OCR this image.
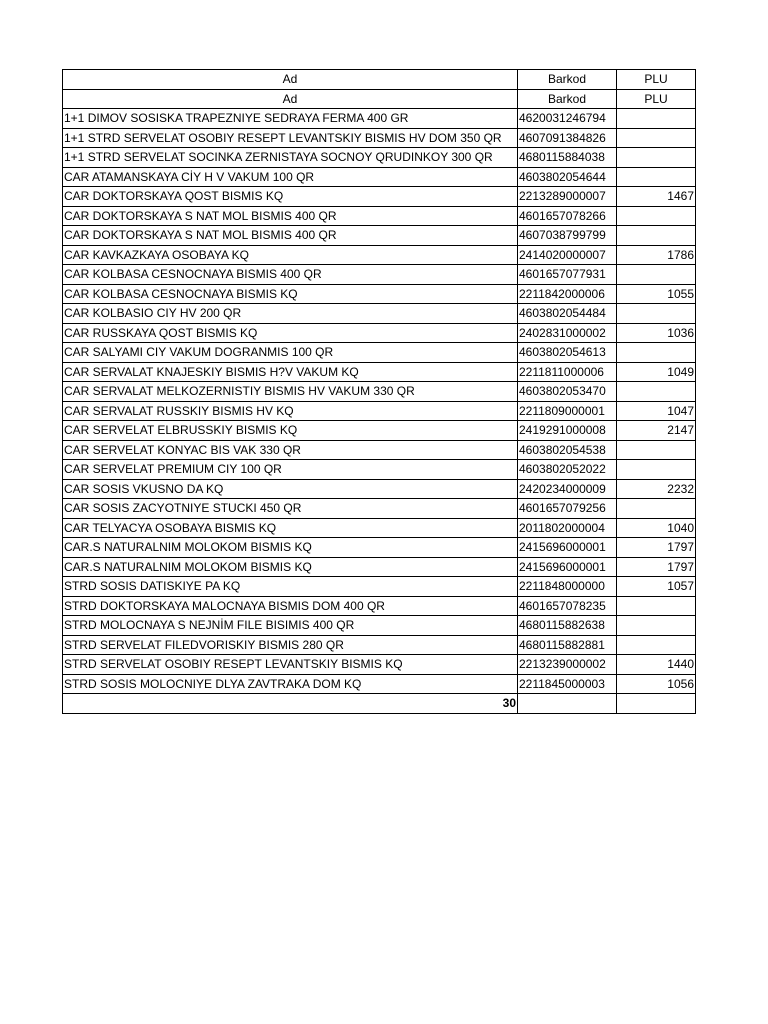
Ad	Barkod	PLU
Ad	Barkod	PLU
1+1 DIMOV SOSISKA TRAPEZNIYE SEDRAYA FERMA 400 GR	4620031246794	
1+1 STRD SERVELAT OSOBIY RESEPT LEVANTSKIY BISMIS HV DOM 350 QR	4607091384826	
1+1 STRD SERVELAT SOCINKA ZERNISTAYA SOCNOY QRUDINKOY 300 QR	4680115884038	
CAR ATAMANSKAYA CİY H V VAKUM 100 QR	4603802054644	
CAR DOKTORSKAYA QOST BISMIS KQ	2213289000007	1467
CAR DOKTORSKAYA S NAT MOL BISMIS 400 QR	4601657078266	
CAR DOKTORSKAYA S NAT MOL BISMIS 400 QR	4607038799799	
CAR KAVKAZKAYA OSOBAYA KQ	2414020000007	1786
CAR KOLBASA CESNOCNAYA BISMIS 400 QR	4601657077931	
CAR KOLBASA CESNOCNAYA BISMIS KQ	2211842000006	1055
CAR KOLBASIO CIY HV 200 QR	4603802054484	
CAR RUSSKAYA QOST BISMIS KQ	2402831000002	1036
CAR SALYAMI CIY VAKUM DOGRANMIS 100 QR	4603802054613	
CAR SERVALAT KNAJESKIY BISMIS H?V VAKUM KQ	2211811000006	1049
CAR SERVALAT MELKOZERNISTIY BISMIS HV VAKUM 330 QR	4603802053470	
CAR SERVALAT RUSSKIY BISMIS HV KQ	2211809000001	1047
CAR SERVELAT ELBRUSSKIY BISMIS KQ	2419291000008	2147
CAR SERVELAT KONYAC BIS VAK 330 QR	4603802054538	
CAR SERVELAT PREMIUM CIY 100 QR	4603802052022	
CAR SOSIS VKUSNO DA KQ	2420234000009	2232
CAR SOSIS ZACYOTNIYE STUCKI 450 QR	4601657079256	
CAR TELYACYA OSOBAYA BISMIS KQ	2011802000004	1040
CAR.S NATURALNIM MOLOKOM BISMIS KQ	2415696000001	1797
CAR.S NATURALNIM MOLOKOM BISMIS KQ	2415696000001	1797
STRD SOSIS DATISKIYE PA KQ	2211848000000	1057
STRD DOKTORSKAYA MALOCNAYA BISMIS DOM 400 QR	4601657078235	
STRD MOLOCNAYA S NEJNİM FILE BISIMIS 400 QR	4680115882638	
STRD SERVELAT FILEDVORISKIY BISMIS 280 QR	4680115882881	
STRD SERVELAT OSOBIY RESEPT LEVANTSKIY BISMIS KQ	2213239000002	1440
STRD SOSIS MOLOCNIYE DLYA ZAVTRAKA DOM KQ	2211845000003	1056
30		
